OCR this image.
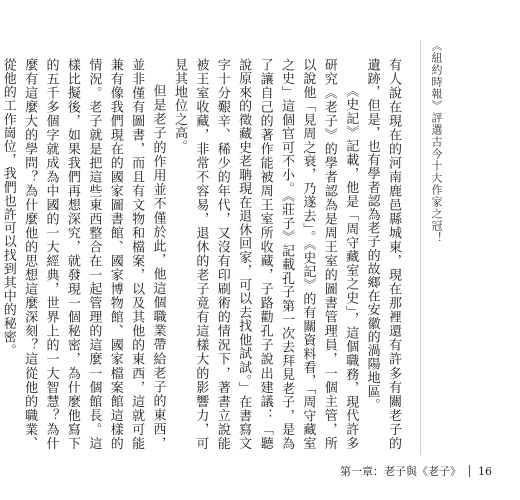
《紐約時報》評選古今十大作家之冠！

有人說在現在的河南鹿邑縣城東，現在那裡還有許多有關老子的遺跡，但是，也有學者認為老子的故鄉在安徽的渦陽地區。

《史記》記載，他是「周守藏室之史」，這個職務，現代許多研究《老子》的學者認為是周王室的圖書管理員，一個主管，所以說他「見周之衰，乃遂去」。《史記》的有關資料看，「周守藏室之史」這個官可不小。《莊子》記載孔子第一次去拜見老子，是為了讓自己的著作能被周王室所收藏，子路勸孔子說出建議：「聽說原來的徵藏史老聃現在退休回家，可以去找他試試。」在書寫文字十分艱辛、稀少的年代，又沒有印刷術的情況下，著書立說能被王室收藏，非常不容易，退休的老子竟有這樣大的影響力，可見其地位之高。

但是老子的作用並不僅於此，他這個職業帶給老子的東西，並非僅有圖書，而且有文物和檔案，以及其他的東西，這就可能兼有像我們現在的國家圖書館、國家博物館、國家檔案館這樣的情況。老子就是把這些東西整合在一起管理的這麼一個館長。這樣比擬後，如果我們再想深究，就發現一個秘密，為什麼他寫下的五千多個字就成為中國的一大經典，世界上的一大智慧？為什麼有這麼大的學問？為什麼他的思想這麼深刻？這從他的職業、從他的工作崗位，我們也許可以找到其中的秘密。

第一章：老子與《老子》 16
